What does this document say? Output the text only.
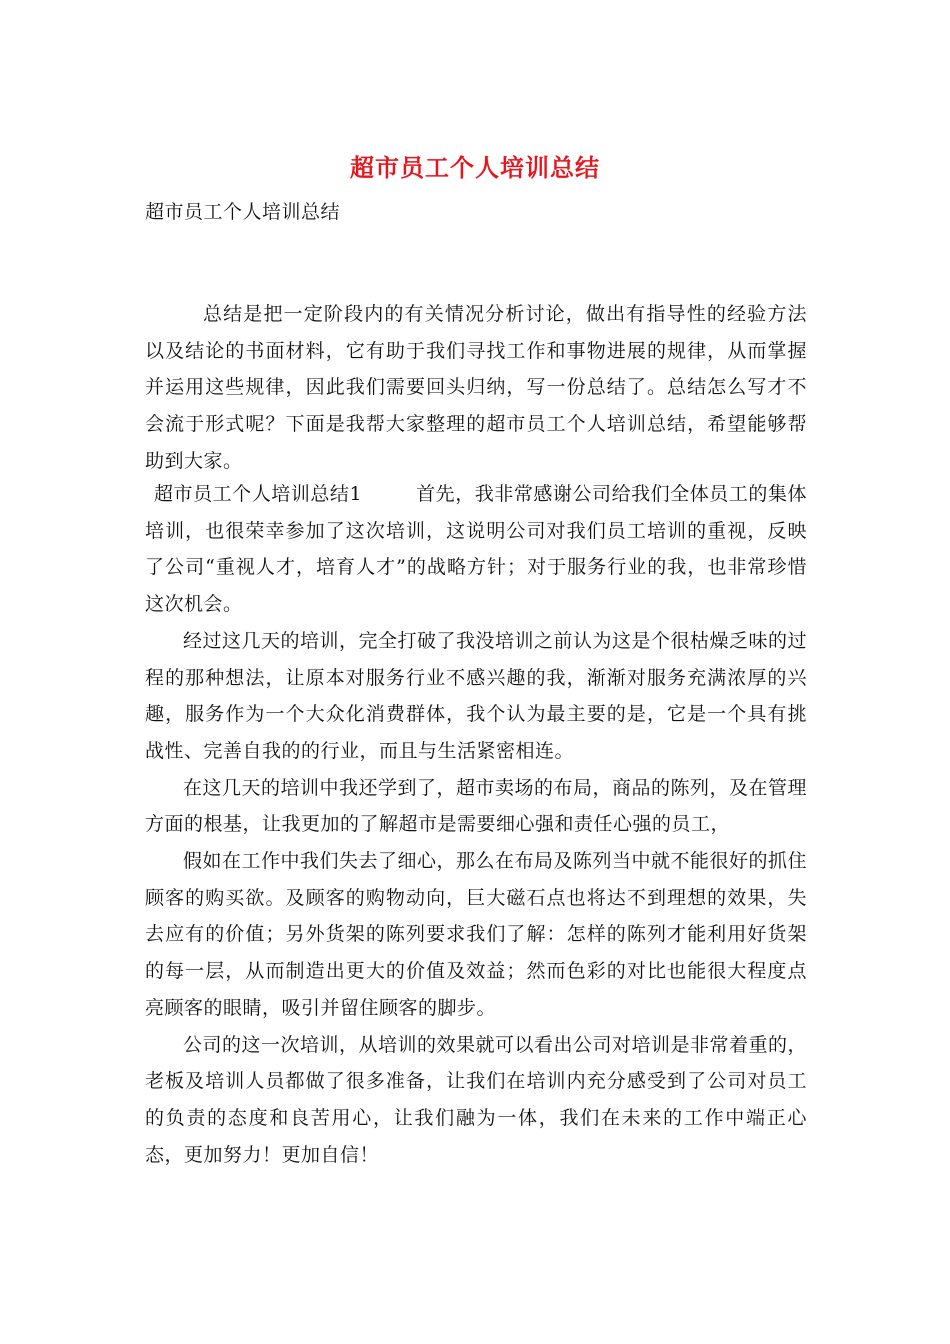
超市员工个人培训总结
超市员工个人培训总结

总结是把一定阶段内的有关情况分析讨论，做出有指导性的经验方法以及结论的书面材料，它有助于我们寻找工作和事物进展的规律，从而掌握并运用这些规律，因此我们需要回头归纳，写一份总结了。总结怎么写才不会流于形式呢？下面是我帮大家整理的超市员工个人培训总结，希望能够帮助到大家。

超市员工个人培训总结1	首先，我非常感谢公司给我们全体员工的集体培训，也很荣幸参加了这次培训，这说明公司对我们员工培训的重视，反映了公司“重视人才，培育人才”的战略方针；对于服务行业的我，也非常珍惜这次机会。

经过这几天的培训，完全打破了我没培训之前认为这是个很枯燥乏味的过程的那种想法，让原本对服务行业不感兴趣的我，渐渐对服务充满浓厚的兴趣，服务作为一个大众化消费群体，我个认为最主要的是，它是一个具有挑战性、完善自我的的行业，而且与生活紧密相连。

在这几天的培训中我还学到了，超市卖场的布局，商品的陈列，及在管理方面的根基，让我更加的了解超市是需要细心强和责任心强的员工，

假如在工作中我们失去了细心，那么在布局及陈列当中就不能很好的抓住顾客的购买欲。及顾客的购物动向，巨大磁石点也将达不到理想的效果，失去应有的价值；另外货架的陈列要求我们了解：怎样的陈列才能利用好货架的每一层，从而制造出更大的价值及效益；然而色彩的对比也能很大程度点亮顾客的眼睛，吸引并留住顾客的脚步。

公司的这一次培训，从培训的效果就可以看出公司对培训是非常着重的，老板及培训人员都做了很多准备，让我们在培训内充分感受到了公司对员工的负责的态度和良苦用心，让我们融为一体，我们在未来的工作中端正心态，更加努力！更加自信！
